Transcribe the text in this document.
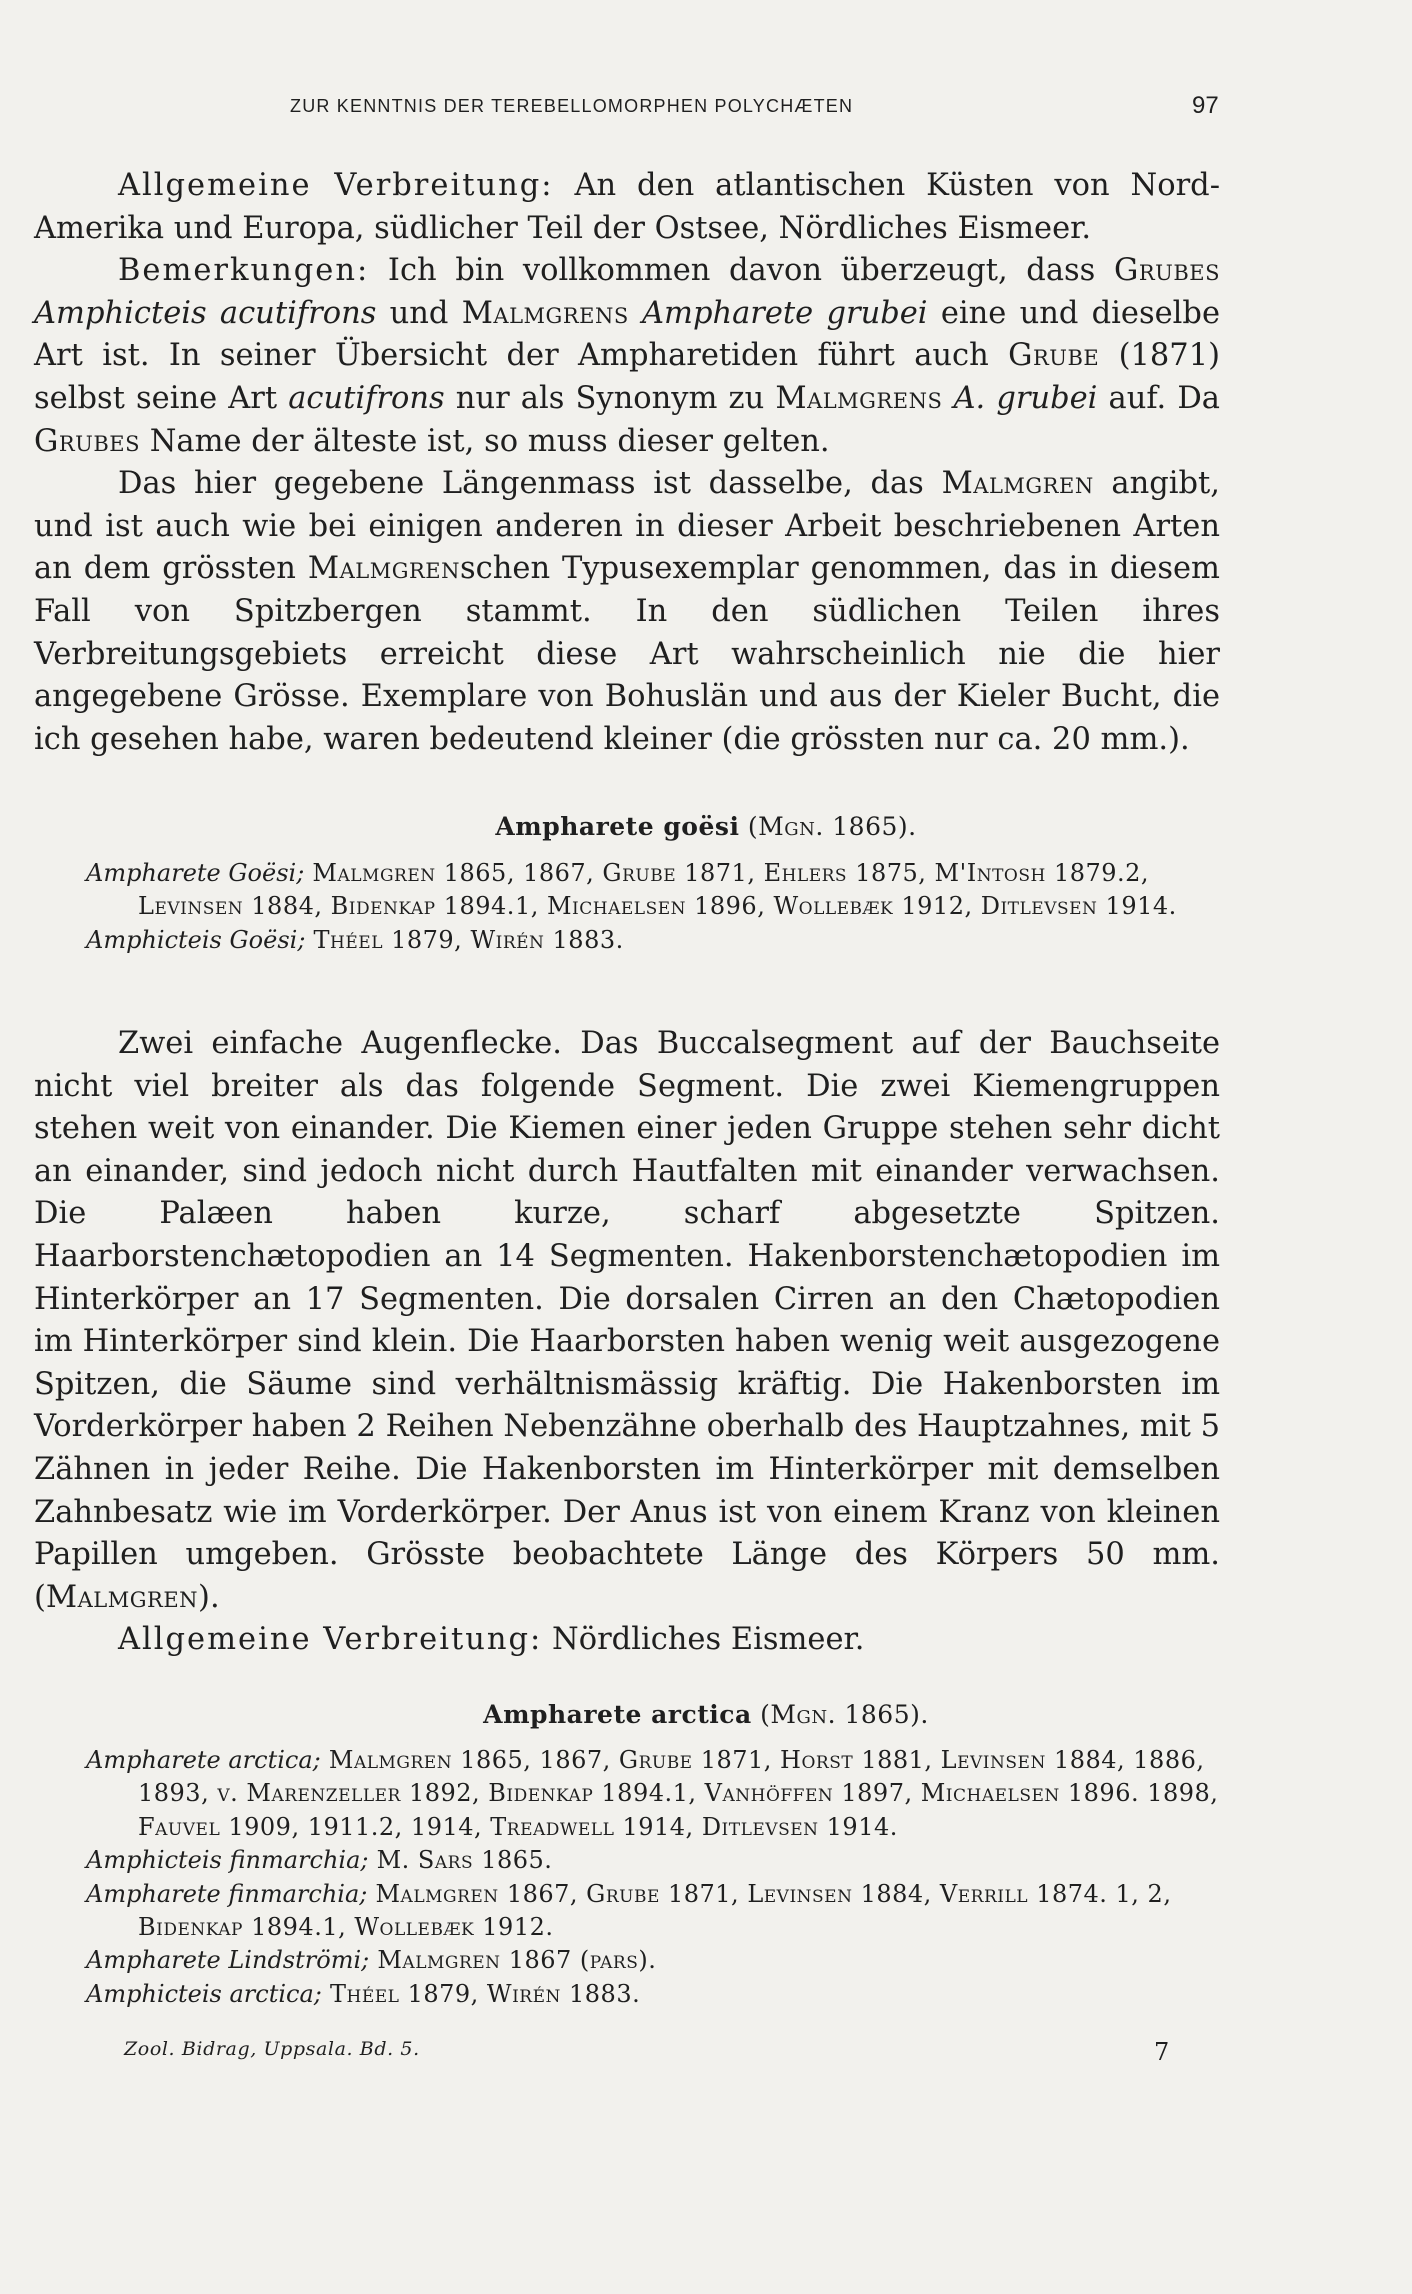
ZUR KENNTNIS DER TEREBELLOMORPHEN POLYCHÆTEN	97

Allgemeine Verbreitung: An den atlantischen Küsten von Nord-Amerika und Europa, südlicher Teil der Ostsee, Nördliches Eismeer.

Bemerkungen: Ich bin vollkommen davon überzeugt, dass Grubes Amphicteis acutifrons und Malmgrens Ampharete grubei eine und dieselbe Art ist. In seiner Übersicht der Ampharetiden führt auch Grube (1871) selbst seine Art acutifrons nur als Synonym zu Malmgrens A. grubei auf. Da Grubes Name der älteste ist, so muss dieser gelten.

Das hier gegebene Längenmass ist dasselbe, das Malmgren angibt, und ist auch wie bei einigen anderen in dieser Arbeit beschriebenen Arten an dem grössten Malmgrenschen Typusexemplar genommen, das in diesem Fall von Spitzbergen stammt. In den südlichen Teilen ihres Verbreitungsgebiets erreicht diese Art wahrscheinlich nie die hier angegebene Grösse. Exemplare von Bohuslän und aus der Kieler Bucht, die ich gesehen habe, waren bedeutend kleiner (die grössten nur ca. 20 mm.).

Ampharete goësi (Mgn. 1865).

Ampharete Goësi; Malmgren 1865, 1867, Grube 1871, Ehlers 1875, M'Intosh 1879.2, Levinsen 1884, Bidenkap 1894.1, Michaelsen 1896, Wollebæk 1912, Ditlevsen 1914.

Amphicteis Goësi; Théel 1879, Wirén 1883.

Zwei einfache Augenflecke. Das Buccalsegment auf der Bauchseite nicht viel breiter als das folgende Segment. Die zwei Kiemengruppen stehen weit von einander. Die Kiemen einer jeden Gruppe stehen sehr dicht an einander, sind jedoch nicht durch Hautfalten mit einander verwachsen. Die Palæen haben kurze, scharf abgesetzte Spitzen. Haarborstenchætopodien an 14 Segmenten. Hakenborstenchætopodien im Hinterkörper an 17 Segmenten. Die dorsalen Cirren an den Chætopodien im Hinterkörper sind klein. Die Haarborsten haben wenig weit ausgezogene Spitzen, die Säume sind verhältnismässig kräftig. Die Hakenborsten im Vorderkörper haben 2 Reihen Nebenzähne oberhalb des Hauptzahnes, mit 5 Zähnen in jeder Reihe. Die Hakenborsten im Hinterkörper mit demselben Zahnbesatz wie im Vorderkörper. Der Anus ist von einem Kranz von kleinen Papillen umgeben. Grösste beobachtete Länge des Körpers 50 mm. (Malmgren).

Allgemeine Verbreitung: Nördliches Eismeer.

Ampharete arctica (Mgn. 1865).

Ampharete arctica; Malmgren 1865, 1867, Grube 1871, Horst 1881, Levinsen 1884, 1886, 1893, v. Marenzeller 1892, Bidenkap 1894.1, Vanhöffen 1897, Michaelsen 1896. 1898, Fauvel 1909, 1911.2, 1914, Treadwell 1914, Ditlevsen 1914.

Amphicteis finmarchia; M. Sars 1865.

Ampharete finmarchia; Malmgren 1867, Grube 1871, Levinsen 1884, Verrill 1874. 1, 2, Bidenkap 1894.1, Wollebæk 1912.

Ampharete Lindströmi; Malmgren 1867 (pars).

Amphicteis arctica; Théel 1879, Wirén 1883.

Zool. Bidrag, Uppsala. Bd. 5.	7
